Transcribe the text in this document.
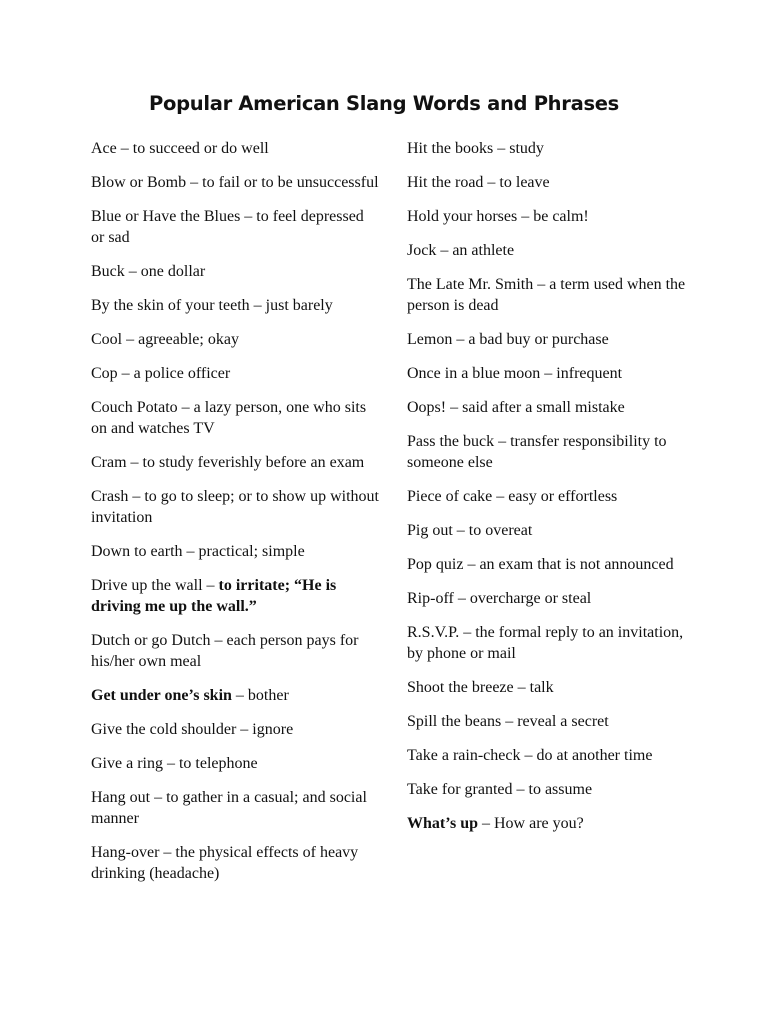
Popular American Slang Words and Phrases

Ace – to succeed or do well

Blow or Bomb – to fail or to be unsuccessful

Blue or Have the Blues – to feel depressed or sad

Buck – one dollar

By the skin of your teeth – just barely

Cool – agreeable; okay

Cop – a police officer

Couch Potato – a lazy person, one who sits on and watches TV

Cram – to study feverishly before an exam

Crash – to go to sleep; or to show up without invitation

Down to earth – practical; simple

Drive up the wall – to irritate; “He is driving me up the wall.”

Dutch or go Dutch – each person pays for his/her own meal

Get under one’s skin – bother

Give the cold shoulder – ignore

Give a ring – to telephone

Hang out – to gather in a casual; and social manner

Hang-over – the physical effects of heavy drinking (headache)

Hit the books – study

Hit the road – to leave

Hold your horses – be calm!

Jock – an athlete

The Late Mr. Smith – a term used when the person is dead

Lemon – a bad buy or purchase

Once in a blue moon – infrequent

Oops! – said after a small mistake

Pass the buck – transfer responsibility to someone else

Piece of cake – easy or effortless

Pig out – to overeat

Pop quiz – an exam that is not announced

Rip-off – overcharge or steal

R.S.V.P. – the formal reply to an invitation, by phone or mail

Shoot the breeze – talk

Spill the beans – reveal a secret

Take a rain-check – do at another time

Take for granted – to assume

What’s up – How are you?
